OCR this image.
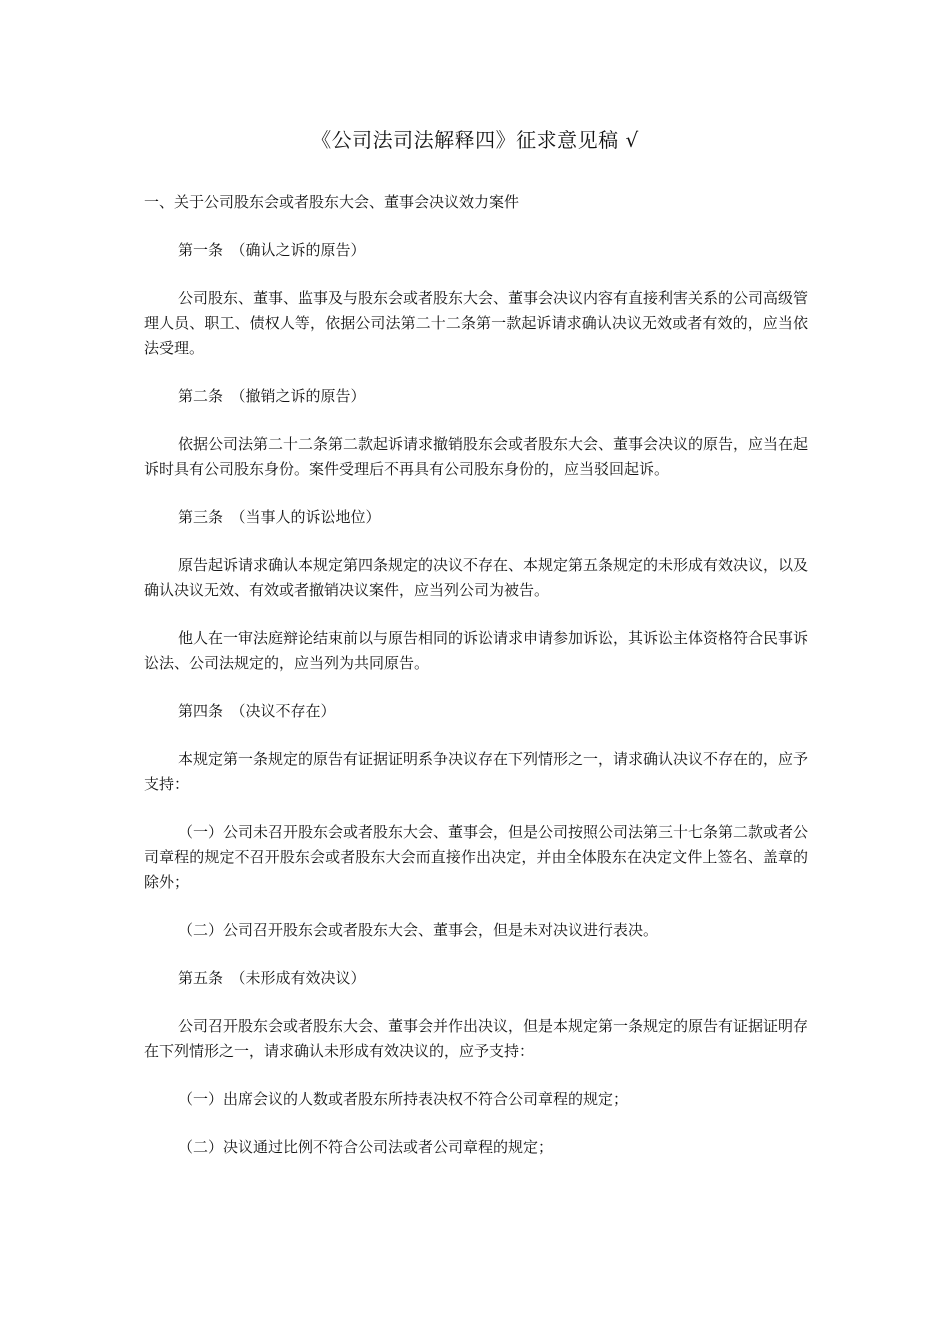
《公司法司法解释四》征求意见稿 √

一、关于公司股东会或者股东大会、董事会决议效力案件

第一条　（确认之诉的原告）

公司股东、董事、监事及与股东会或者股东大会、董事会决议内容有直接利害关系的公司高级管理人员、职工、债权人等，依据公司法第二十二条第一款起诉请求确认决议无效或者有效的，应当依法受理。

第二条　（撤销之诉的原告）

依据公司法第二十二条第二款起诉请求撤销股东会或者股东大会、董事会决议的原告，应当在起诉时具有公司股东身份。案件受理后不再具有公司股东身份的，应当驳回起诉。

第三条　（当事人的诉讼地位）

原告起诉请求确认本规定第四条规定的决议不存在、本规定第五条规定的未形成有效决议，以及确认决议无效、有效或者撤销决议案件，应当列公司为被告。

他人在一审法庭辩论结束前以与原告相同的诉讼请求申请参加诉讼，其诉讼主体资格符合民事诉讼法、公司法规定的，应当列为共同原告。

第四条　（决议不存在）

本规定第一条规定的原告有证据证明系争决议存在下列情形之一，请求确认决议不存在的，应予支持：

（一）公司未召开股东会或者股东大会、董事会，但是公司按照公司法第三十七条第二款或者公司章程的规定不召开股东会或者股东大会而直接作出决定，并由全体股东在决定文件上签名、盖章的除外；

（二）公司召开股东会或者股东大会、董事会，但是未对决议进行表决。

第五条　（未形成有效决议）

公司召开股东会或者股东大会、董事会并作出决议，但是本规定第一条规定的原告有证据证明存在下列情形之一，请求确认未形成有效决议的，应予支持：

（一）出席会议的人数或者股东所持表决权不符合公司章程的规定；

（二）决议通过比例不符合公司法或者公司章程的规定；
